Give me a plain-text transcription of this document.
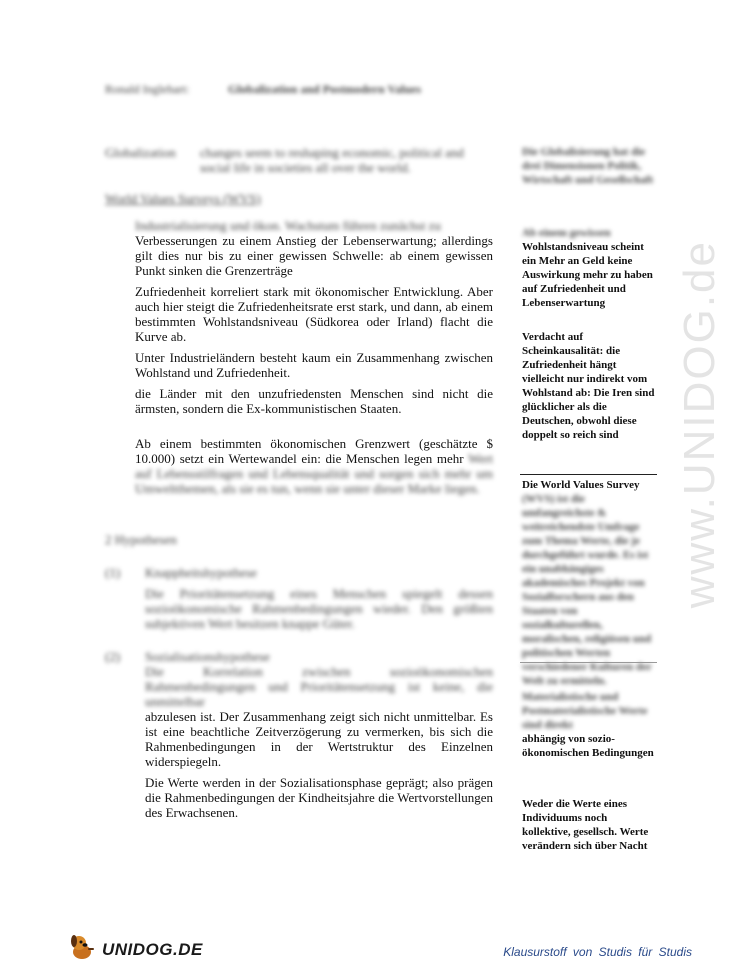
Ronald Inglehart:	Globalization and Postmodern Values
Globalization	changes seem to reshaping economic, political and social life in societies all over the world.
World Values Surveys (WVS)

Industrialisierung und ökon. Wachstum führen zunächst zu
Verbesserungen zu einem Anstieg der Lebenserwartung; allerdings gilt dies nur bis zu einer gewissen Schwelle: ab einem gewissen Punkt sinken die Grenzerträge

Zufriedenheit korreliert stark mit ökonomischer Entwicklung. Aber auch hier steigt die Zufriedenheitsrate erst stark, und dann, ab einem bestimmten Wohlstandsniveau (Südkorea oder Irland) flacht die Kurve ab.

Unter Industrieländern besteht kaum ein Zusammenhang zwischen Wohlstand und Zufriedenheit.

die Länder mit den unzufriedensten Menschen sind nicht die ärmsten, sondern die Ex-kommunistischen Staaten.

Ab einem bestimmten ökonomischen Grenzwert (geschätzte $ 10.000) setzt ein Wertewandel ein: die Menschen legen mehr Wert auf Lebensstilfragen und Lebensqualität und sorgen sich mehr um Umweltthemen, als sie es tun, wenn sie unter dieser Marke liegen.

2 Hypothesen
(1)	Knappheitshypothese

Die Prioritätensetzung eines Menschen spiegelt dessen sozioökonomische Rahmenbedingungen wieder. Den größten subjektiven Wert besitzen knappe Güter.

(2)	Sozialisationshypothese

Die Korrelation zwischen sozioökonomischen Rahmenbedingungen und Prioritätensetzung ist keine, die unmittelbar

abzulesen ist. Der Zusammenhang zeigt sich nicht unmittelbar. Es ist eine beachtliche Zeitverzögerung zu vermerken, bis sich die Rahmenbedingungen in der Wertstruktur des Einzelnen widerspiegeln.

Die Werte werden in der Sozialisationsphase geprägt; also prägen die Rahmenbedingungen der Kindheitsjahre die Wertvorstellungen des Erwachsenen.

Die Globalisierung hat die drei Dimensionen Politik, Wirtschaft und Gesellschaft

Ab einem gewissen

Wohlstandsniveau scheint ein Mehr an Geld keine Auswirkung mehr zu haben auf Zufriedenheit und Lebenserwartung

Verdacht auf Scheinkausalität: die Zufriedenheit hängt vielleicht nur indirekt vom Wohlstand ab: Die Iren sind glücklicher als die Deutschen, obwohl diese doppelt so reich sind

Die World Values Survey

(WVS) ist die umfangreichste & weitreichendste Umfrage zum Thema Werte, die je durchgeführt wurde. Es ist ein unabhängiges akademisches Projekt von Sozialforschern aus den Staaten von sozialkulturellen, moralischen, religiösen und politischen Werten verschiedener Kulturen der Welt zu ermitteln.

Materialistische und Postmaterialistische Werte sind direkt

abhängig von sozio-ökonomischen Bedingungen

Weder die Werte eines Individuums noch kollektive, gesellsch. Werte verändern sich über Nacht

www.UNIDOG.de
UNIDOG.DE	Klausurstoff von Studis für Studis
